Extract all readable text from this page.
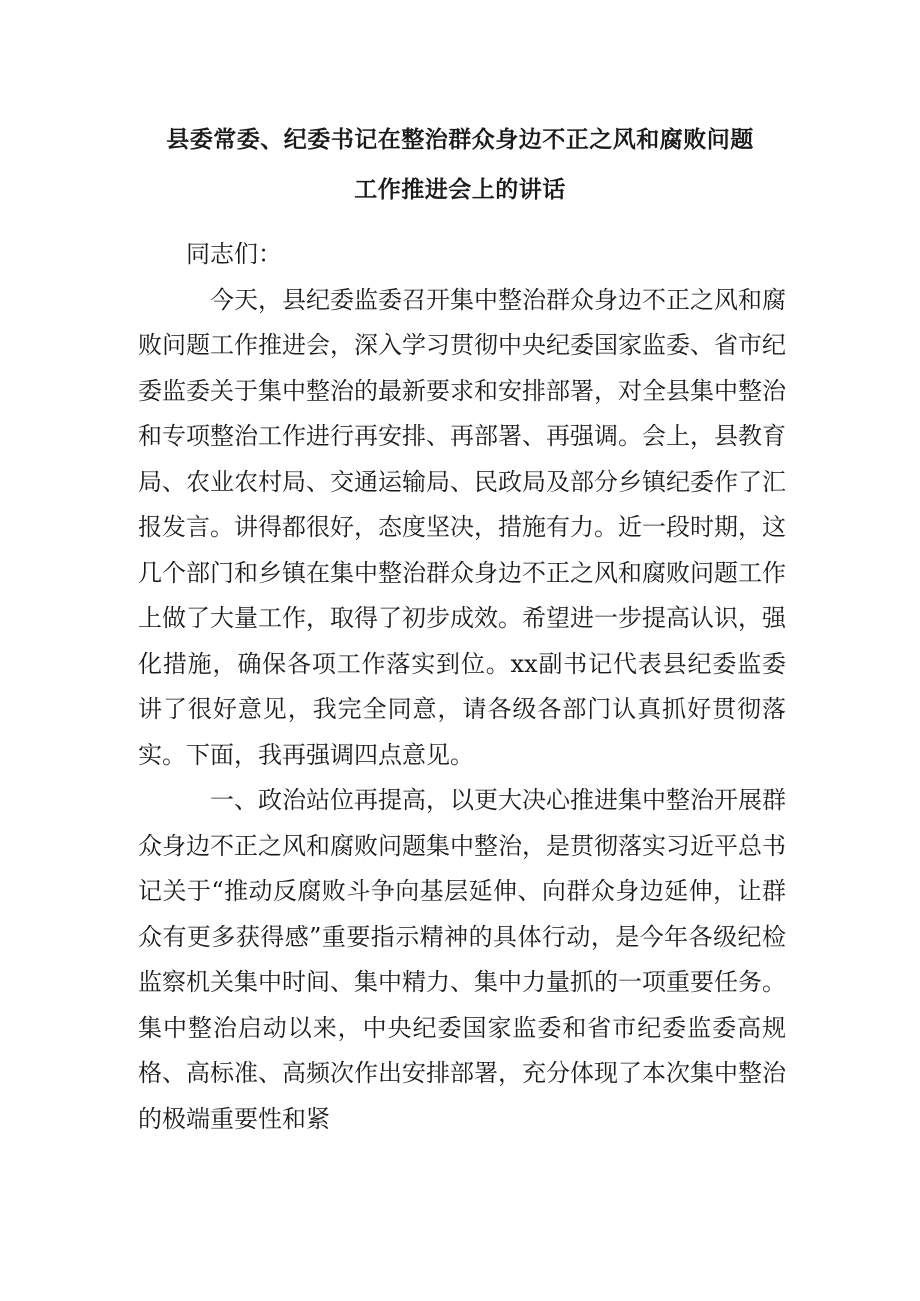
县委常委、纪委书记在整治群众身边不正之风和腐败问题

工作推进会上的讲话

同志们：

今天，县纪委监委召开集中整治群众身边不正之风和腐败问题工作推进会，深入学习贯彻中央纪委国家监委、省市纪委监委关于集中整治的最新要求和安排部署，对全县集中整治和专项整治工作进行再安排、再部署、再强调。会上，县教育局、农业农村局、交通运输局、民政局及部分乡镇纪委作了汇报发言。讲得都很好，态度坚决，措施有力。近一段时期，这几个部门和乡镇在集中整治群众身边不正之风和腐败问题工作上做了大量工作，取得了初步成效。希望进一步提高认识，强化措施，确保各项工作落实到位。xx副书记代表县纪委监委讲了很好意见，我完全同意，请各级各部门认真抓好贯彻落实。下面，我再强调四点意见。

一、政治站位再提高，以更大决心推进集中整治开展群众身边不正之风和腐败问题集中整治，是贯彻落实习近平总书记关于“推动反腐败斗争向基层延伸、向群众身边延伸，让群众有更多获得感”重要指示精神的具体行动，是今年各级纪检监察机关集中时间、集中精力、集中力量抓的一项重要任务。集中整治启动以来，中央纪委国家监委和省市纪委监委高规格、高标准、高频次作出安排部署，充分体现了本次集中整治的极端重要性和紧
